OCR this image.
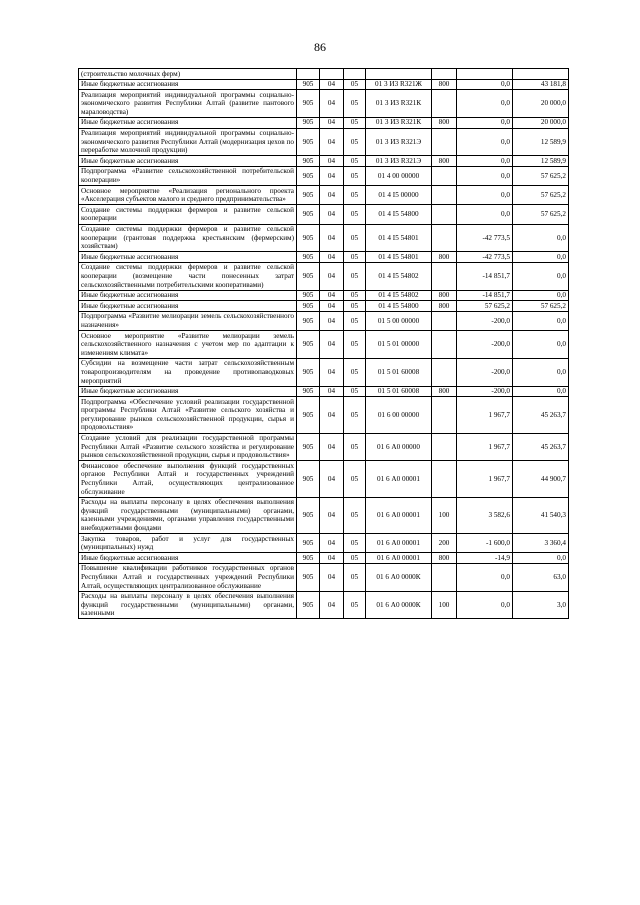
86
(строительство молочных ферм)							
Иные бюджетные ассигнования	905	04	05	01 3 И3 R321Ж	800	0,0	43 181,8
Реализация мероприятий индивидуальной программы социально-экономического развития Республики Алтай (развитие пантового мараловодства)	905	04	05	01 3 И3 R321К		0,0	20 000,0
Иные бюджетные ассигнования	905	04	05	01 3 И3 R321К	800	0,0	20 000,0
Реализация мероприятий индивидуальной программы социально-экономического развития Республики Алтай (модернизация цехов по переработке молочной продукции)	905	04	05	01 3 И3 R321Э		0,0	12 589,9
Иные бюджетные ассигнования	905	04	05	01 3 И3 R321Э	800	0,0	12 589,9
Подпрограмма «Развитие сельскохозяйственной потребительской кооперации»	905	04	05	01 4 00 00000		0,0	57 625,2
Основное мероприятие «Реализация регионального проекта «Акселерация субъектов малого и среднего предпринимательства»	905	04	05	01 4 I5 00000		0,0	57 625,2
Создание системы поддержки фермеров и развитие сельской кооперации	905	04	05	01 4 I5 54800		0,0	57 625,2
Создание системы поддержки фермеров и развитие сельской кооперации (грантовая поддержка крестьянским (фермерским) хозяйствам)	905	04	05	01 4 I5 54801		-42 773,5	0,0
Иные бюджетные ассигнования	905	04	05	01 4 I5 54801	800	-42 773,5	0,0
Создание системы поддержки фермеров и развитие сельской кооперации (возмещение части понесенных затрат сельскохозяйственными потребительскими кооперативами)	905	04	05	01 4 I5 54802		-14 851,7	0,0
Иные бюджетные ассигнования	905	04	05	01 4 I5 54802	800	-14 851,7	0,0
Иные бюджетные ассигнования	905	04	05	01 4 I5 54800	800	57 625,2	57 625,2
Подпрограмма «Развитие мелиорации земель сельскохозяйственного назначения»	905	04	05	01 5 00 00000		-200,0	0,0
Основное мероприятие «Развитие мелиорации земель сельскохозяйственного назначения с учетом мер по адаптации к изменениям климата»	905	04	05	01 5 01 00000		-200,0	0,0
Субсидии на возмещение части затрат сельскохозяйственным товаропроизводителям на проведение противопаводковых мероприятий	905	04	05	01 5 01 60008		-200,0	0,0
Иные бюджетные ассигнования	905	04	05	01 5 01 60008	800	-200,0	0,0
Подпрограмма «Обеспечение условий реализации государственной программы Республики Алтай «Развитие сельского хозяйства и регулирование рынков сельскохозяйственной продукции, сырья и продовольствия»	905	04	05	01 6 00 00000		1 967,7	45 263,7
Создание условий для реализации государственной программы Республики Алтай «Развитие сельского хозяйства и регулирование рынков сельскохозяйственной продукции, сырья и продовольствия»	905	04	05	01 6 А0 00000		1 967,7	45 263,7
Финансовое обеспечение выполнения функций государственных органов Республики Алтай и государственных учреждений Республики Алтай, осуществляющих централизованное обслуживание	905	04	05	01 6 А0 00001		1 967,7	44 900,7
Расходы на выплаты персоналу в целях обеспечения выполнения функций государственными (муниципальными) органами, казенными учреждениями, органами управления государственными внебюджетными фондами	905	04	05	01 6 А0 00001	100	3 582,6	41 540,3
Закупка товаров, работ и услуг для государственных (муниципальных) нужд	905	04	05	01 6 А0 00001	200	-1 600,0	3 360,4
Иные бюджетные ассигнования	905	04	05	01 6 А0 00001	800	-14,9	0,0
Повышение квалификации работников государственных органов Республики Алтай и государственных учреждений Республики Алтай, осуществляющих централизованное обслуживание	905	04	05	01 6 А0 0000К		0,0	63,0
Расходы на выплаты персоналу в целях обеспечения выполнения функций государственными (муниципальными) органами, казенными	905	04	05	01 6 А0 0000К	100	0,0	3,0
